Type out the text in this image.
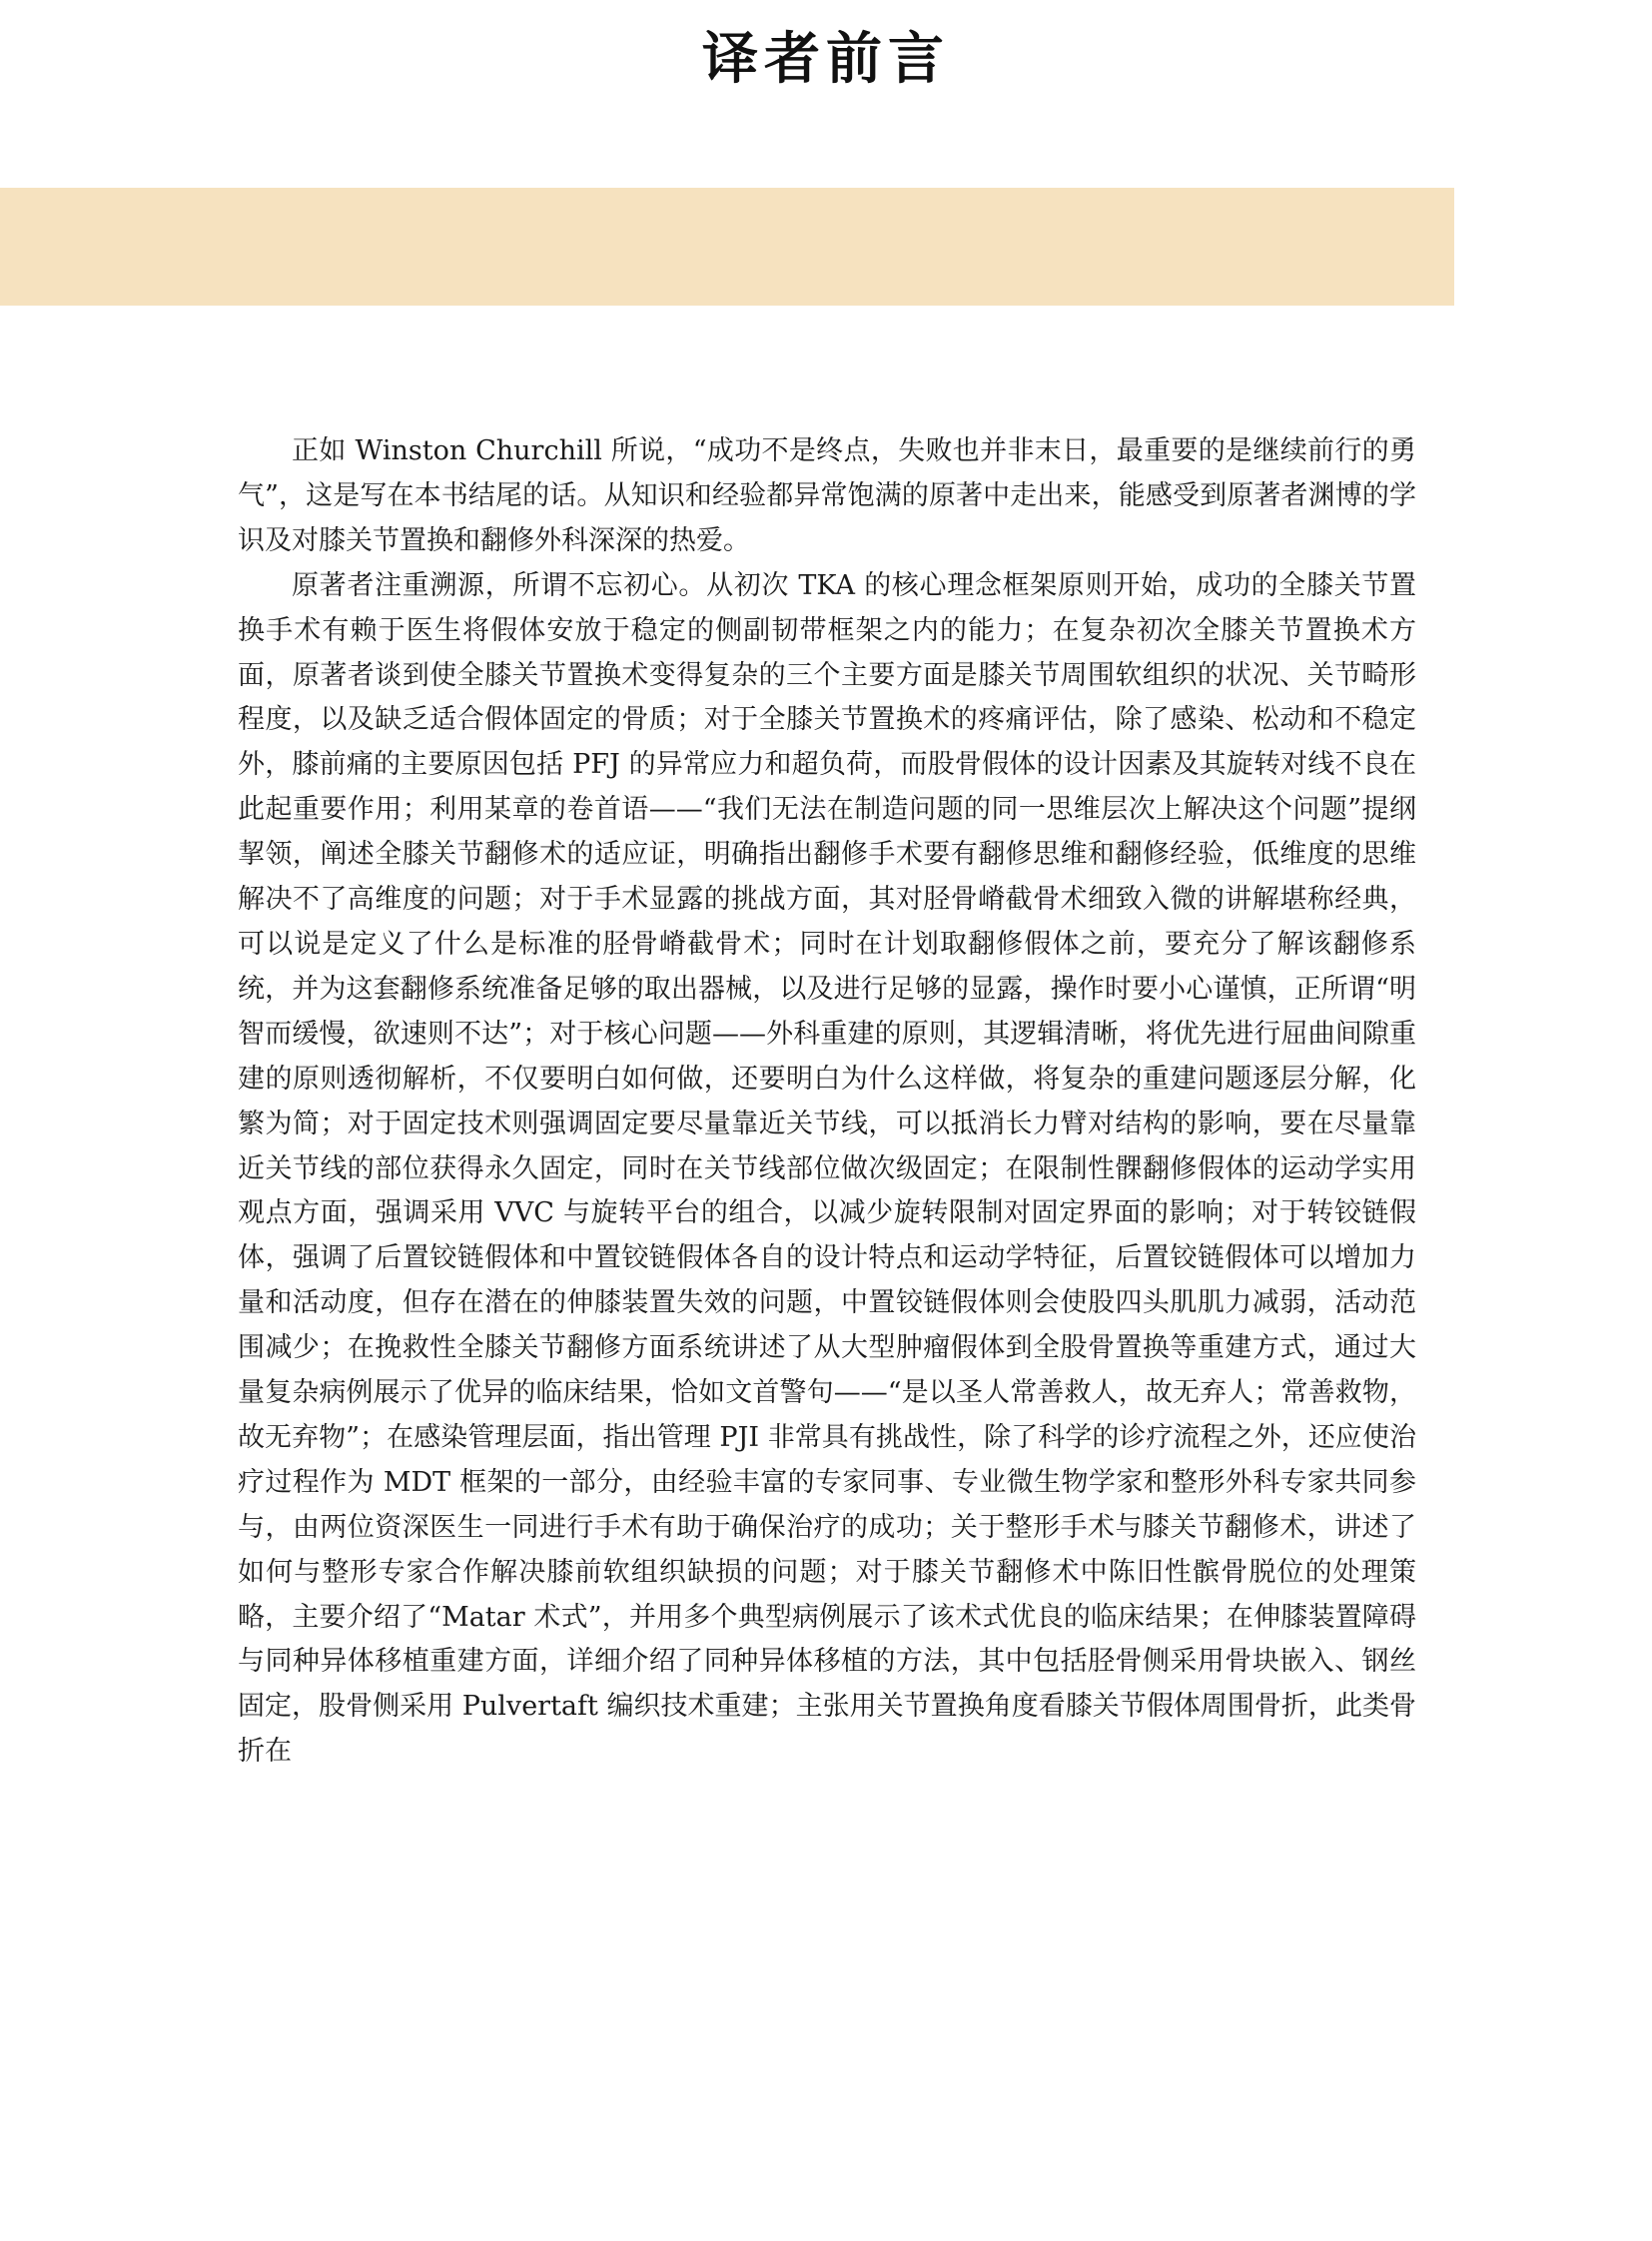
译者前言

正如 Winston Churchill 所说，“成功不是终点，失败也并非末日，最重要的是继续前行的勇气”，这是写在本书结尾的话。从知识和经验都异常饱满的原著中走出来，能感受到原著者渊博的学识及对膝关节置换和翻修外科深深的热爱。

原著者注重溯源，所谓不忘初心。从初次 TKA 的核心理念框架原则开始，成功的全膝关节置换手术有赖于医生将假体安放于稳定的侧副韧带框架之内的能力；在复杂初次全膝关节置换术方面，原著者谈到使全膝关节置换术变得复杂的三个主要方面是膝关节周围软组织的状况、关节畸形程度，以及缺乏适合假体固定的骨质；对于全膝关节置换术的疼痛评估，除了感染、松动和不稳定外，膝前痛的主要原因包括 PFJ 的异常应力和超负荷，而股骨假体的设计因素及其旋转对线不良在此起重要作用；利用某章的卷首语——“我们无法在制造问题的同一思维层次上解决这个问题”提纲挈领，阐述全膝关节翻修术的适应证，明确指出翻修手术要有翻修思维和翻修经验，低维度的思维解决不了高维度的问题；对于手术显露的挑战方面，其对胫骨嵴截骨术细致入微的讲解堪称经典，可以说是定义了什么是标准的胫骨嵴截骨术；同时在计划取翻修假体之前，要充分了解该翻修系统，并为这套翻修系统准备足够的取出器械，以及进行足够的显露，操作时要小心谨慎，正所谓“明智而缓慢，欲速则不达”；对于核心问题——外科重建的原则，其逻辑清晰，将优先进行屈曲间隙重建的原则透彻解析，不仅要明白如何做，还要明白为什么这样做，将复杂的重建问题逐层分解，化繁为简；对于固定技术则强调固定要尽量靠近关节线，可以抵消长力臂对结构的影响，要在尽量靠近关节线的部位获得永久固定，同时在关节线部位做次级固定；在限制性髁翻修假体的运动学实用观点方面，强调采用 VVC 与旋转平台的组合，以减少旋转限制对固定界面的影响；对于转铰链假体，强调了后置铰链假体和中置铰链假体各自的设计特点和运动学特征，后置铰链假体可以增加力量和活动度，但存在潜在的伸膝装置失效的问题，中置铰链假体则会使股四头肌肌力减弱，活动范围减少；在挽救性全膝关节翻修方面系统讲述了从大型肿瘤假体到全股骨置换等重建方式，通过大量复杂病例展示了优异的临床结果，恰如文首警句——“是以圣人常善救人，故无弃人；常善救物，故无弃物”；在感染管理层面，指出管理 PJI 非常具有挑战性，除了科学的诊疗流程之外，还应使治疗过程作为 MDT 框架的一部分，由经验丰富的专家同事、专业微生物学家和整形外科专家共同参与，由两位资深医生一同进行手术有助于确保治疗的成功；关于整形手术与膝关节翻修术，讲述了如何与整形专家合作解决膝前软组织缺损的问题；对于膝关节翻修术中陈旧性髌骨脱位的处理策略，主要介绍了“Matar 术式”，并用多个典型病例展示了该术式优良的临床结果；在伸膝装置障碍与同种异体移植重建方面，详细介绍了同种异体移植的方法，其中包括胫骨侧采用骨块嵌入、钢丝固定，股骨侧采用 Pulvertaft 编织技术重建；主张用关节置换角度看膝关节假体周围骨折，此类骨折在
